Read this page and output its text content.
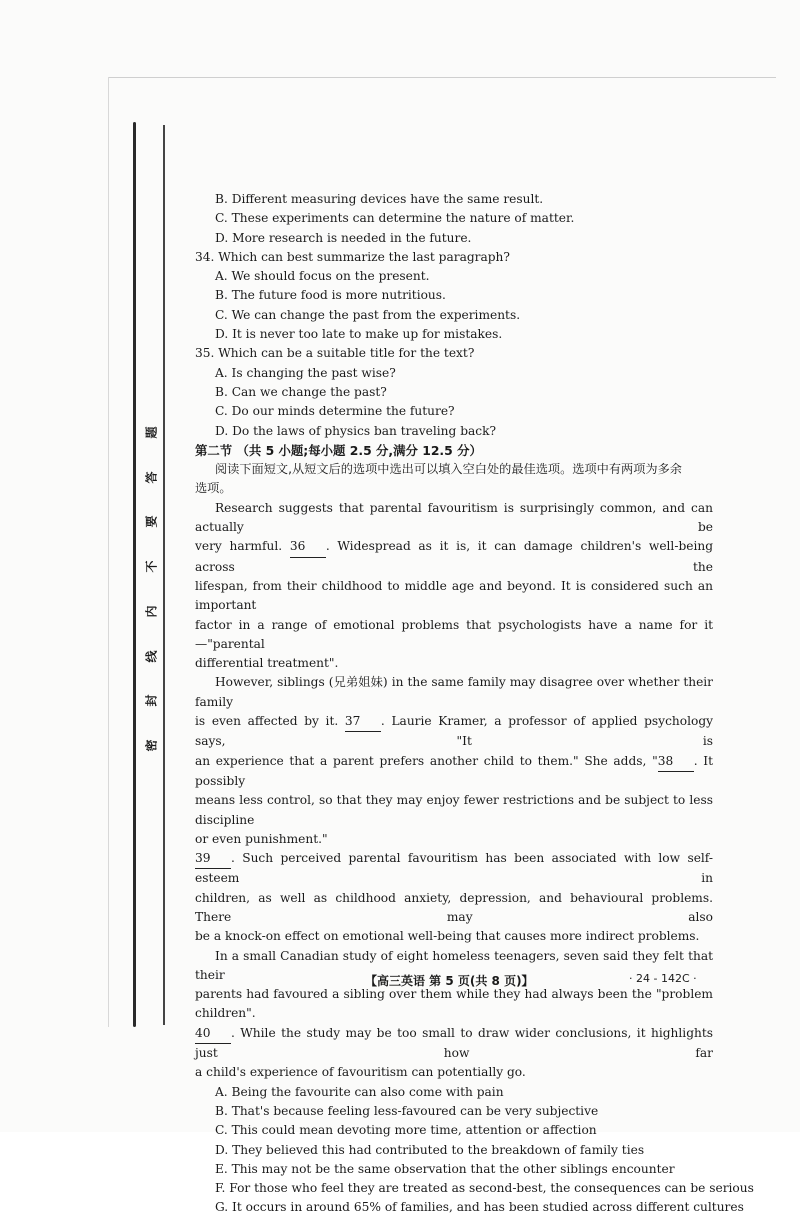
题
答
要
不
内
线
封
密
B. Different measuring devices have the same result.
C. These experiments can determine the nature of matter.
D. More research is needed in the future.
34. Which can best summarize the last paragraph?
A. We should focus on the present.
B. The future food is more nutritious.
C. We can change the past from the experiments.
D. It is never too late to make up for mistakes.
35. Which can be a suitable title for the text?
A. Is changing the past wise?
B. Can we change the past?
C. Do our minds determine the future?
D. Do the laws of physics ban traveling back?
第二节 （共 5 小题;每小题 2.5 分,满分 12.5 分）
阅读下面短文,从短文后的选项中选出可以填入空白处的最佳选项。选项中有两项为多余
选项。
Research suggests that parental favouritism is surprisingly common, and can actually be
very harmful. 36 . Widespread as it is, it can damage children's well-being across the
lifespan, from their childhood to middle age and beyond. It is considered such an important
factor in a range of emotional problems that psychologists have a name for it—"parental
differential treatment".
However, siblings (兄弟姐妹) in the same family may disagree over whether their family
is even affected by it. 37 . Laurie Kramer, a professor of applied psychology says, "It is
an experience that a parent prefers another child to them." She adds, "38 . It possibly
means less control, so that they may enjoy fewer restrictions and be subject to less discipline
or even punishment."
39 . Such perceived parental favouritism has been associated with low self-esteem in
children, as well as childhood anxiety, depression, and behavioural problems. There may also
be a knock-on effect on emotional well-being that causes more indirect problems.
In a small Canadian study of eight homeless teenagers, seven said they felt that their
parents had favoured a sibling over them while they had always been the "problem children".
40 . While the study may be too small to draw wider conclusions, it highlights just how far
a child's experience of favouritism can potentially go.
A. Being the favourite can also come with pain
B. That's because feeling less-favoured can be very subjective
C. This could mean devoting more time, attention or affection
D. They believed this had contributed to the breakdown of family ties
E. This may not be the same observation that the other siblings encounter
F. For those who feel they are treated as second-best, the consequences can be serious
G. It occurs in around 65% of families, and has been studied across different cultures
【高三英语 第 5 页(共 8 页)】	· 24 - 142C ·
